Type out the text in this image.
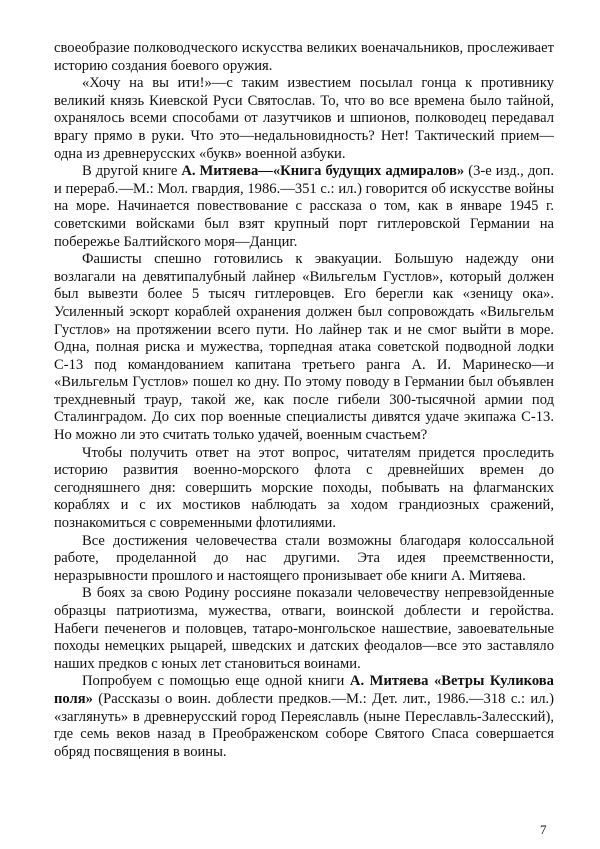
своеобразие полководческого искусства великих военачальников, прослеживает историю создания боевого оружия.

«Хочу на вы ити!»—с таким известием посылал гонца к противнику великий князь Киевской Руси Святослав. То, что во все времена было тайной, охранялось всеми способами от лазутчиков и шпионов, полководец передавал врагу прямо в руки. Что это—недальновидность? Нет! Тактический прием—одна из древнерусских «букв» военной азбуки.

В другой книге А. Митяева—«Книга будущих адмиралов» (3-е изд., доп. и перераб.—М.: Мол. гвардия, 1986.—351 с.: ил.) говорится об искусстве войны на море. Начинается повествование с рассказа о том, как в январе 1945 г. советскими войсками был взят крупный порт гитлеровской Германии на побережье Балтийского моря—Данциг.

Фашисты спешно готовились к эвакуации. Большую надежду они возлагали на девятипалубный лайнер «Вильгельм Густлов», который должен был вывезти более 5 тысяч гитлеровцев. Его берегли как «зеницу ока». Усиленный эскорт кораблей охранения должен был сопровождать «Вильгельм Густлов» на протяжении всего пути. Но лайнер так и не смог выйти в море. Одна, полная риска и мужества, торпедная атака советской подводной лодки С-13 под командованием капитана третьего ранга А. И. Маринеско—и «Вильгельм Густлов» пошел ко дну. По этому поводу в Германии был объявлен трехдневный траур, такой же, как после гибели 300-тысячной армии под Сталинградом. До сих пор военные специалисты дивятся удаче экипажа С-13. Но можно ли это считать только удачей, военным счастьем?

Чтобы получить ответ на этот вопрос, читателям придется проследить историю развития военно-морского флота с древнейших времен до сегодняшнего дня: совершить морские походы, побывать на флагманских кораблях и с их мостиков наблюдать за ходом грандиозных сражений, познакомиться с современными флотилиями.

Все достижения человечества стали возможны благодаря колоссальной работе, проделанной до нас другими. Эта идея преемственности, неразрывности прошлого и настоящего пронизывает обе книги А. Митяева.

В боях за свою Родину россияне показали человечеству непревзойденные образцы патриотизма, мужества, отваги, воинской доблести и геройства. Набеги печенегов и половцев, татаро-монгольское нашествие, завоевательные походы немецких рыцарей, шведских и датских феодалов—все это заставляло наших предков с юных лет становиться воинами.

Попробуем с помощью еще одной книги А. Митяева «Ветры Куликова поля» (Рассказы о воин. доблести предков.—М.: Дет. лит., 1986.—318 с.: ил.) «заглянуть» в древнерусский город Переяславль (ныне Переславль-Залесский), где семь веков назад в Преображенском соборе Святого Спаса совершается обряд посвящения в воины.

7
